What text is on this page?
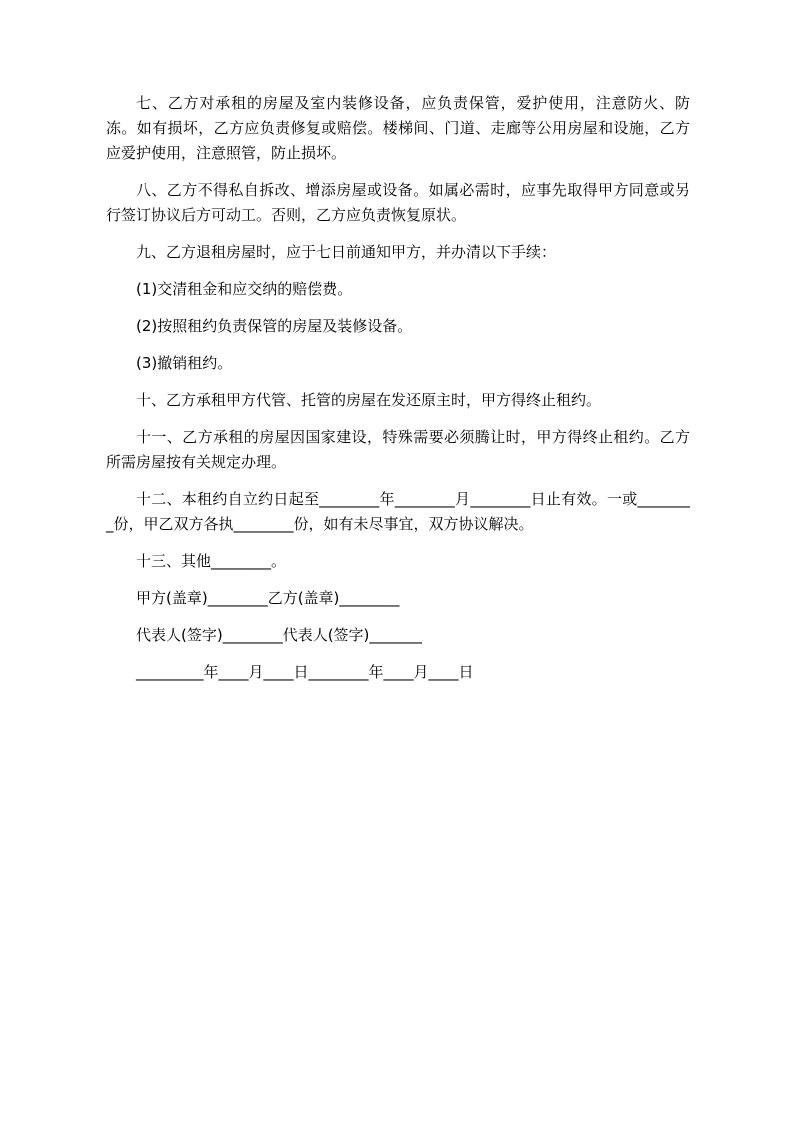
七、乙方对承租的房屋及室内装修设备，应负责保管，爱护使用，注意防火、防冻。如有损坏，乙方应负责修复或赔偿。楼梯间、门道、走廊等公用房屋和设施，乙方应爱护使用，注意照管，防止损坏。

八、乙方不得私自拆改、增添房屋或设备。如属必需时，应事先取得甲方同意或另行签订协议后方可动工。否则，乙方应负责恢复原状。

九、乙方退租房屋时，应于七日前通知甲方，并办清以下手续：

(1)交清租金和应交纳的赔偿费。

(2)按照租约负责保管的房屋及装修设备。

(3)撤销租约。

十、乙方承租甲方代管、托管的房屋在发还原主时，甲方得终止租约。

十一、乙方承租的房屋因国家建设，特殊需要必须腾让时，甲方得终止租约。乙方所需房屋按有关规定办理。

十二、本租约自立约日起至________年________月________日止有效。一或________份，甲乙双方各执________份，如有未尽事宜，双方协议解决。

十三、其他________。

甲方(盖章)________乙方(盖章)________

代表人(签字)________代表人(签字)_______

_________年____月____日________年____月____日
